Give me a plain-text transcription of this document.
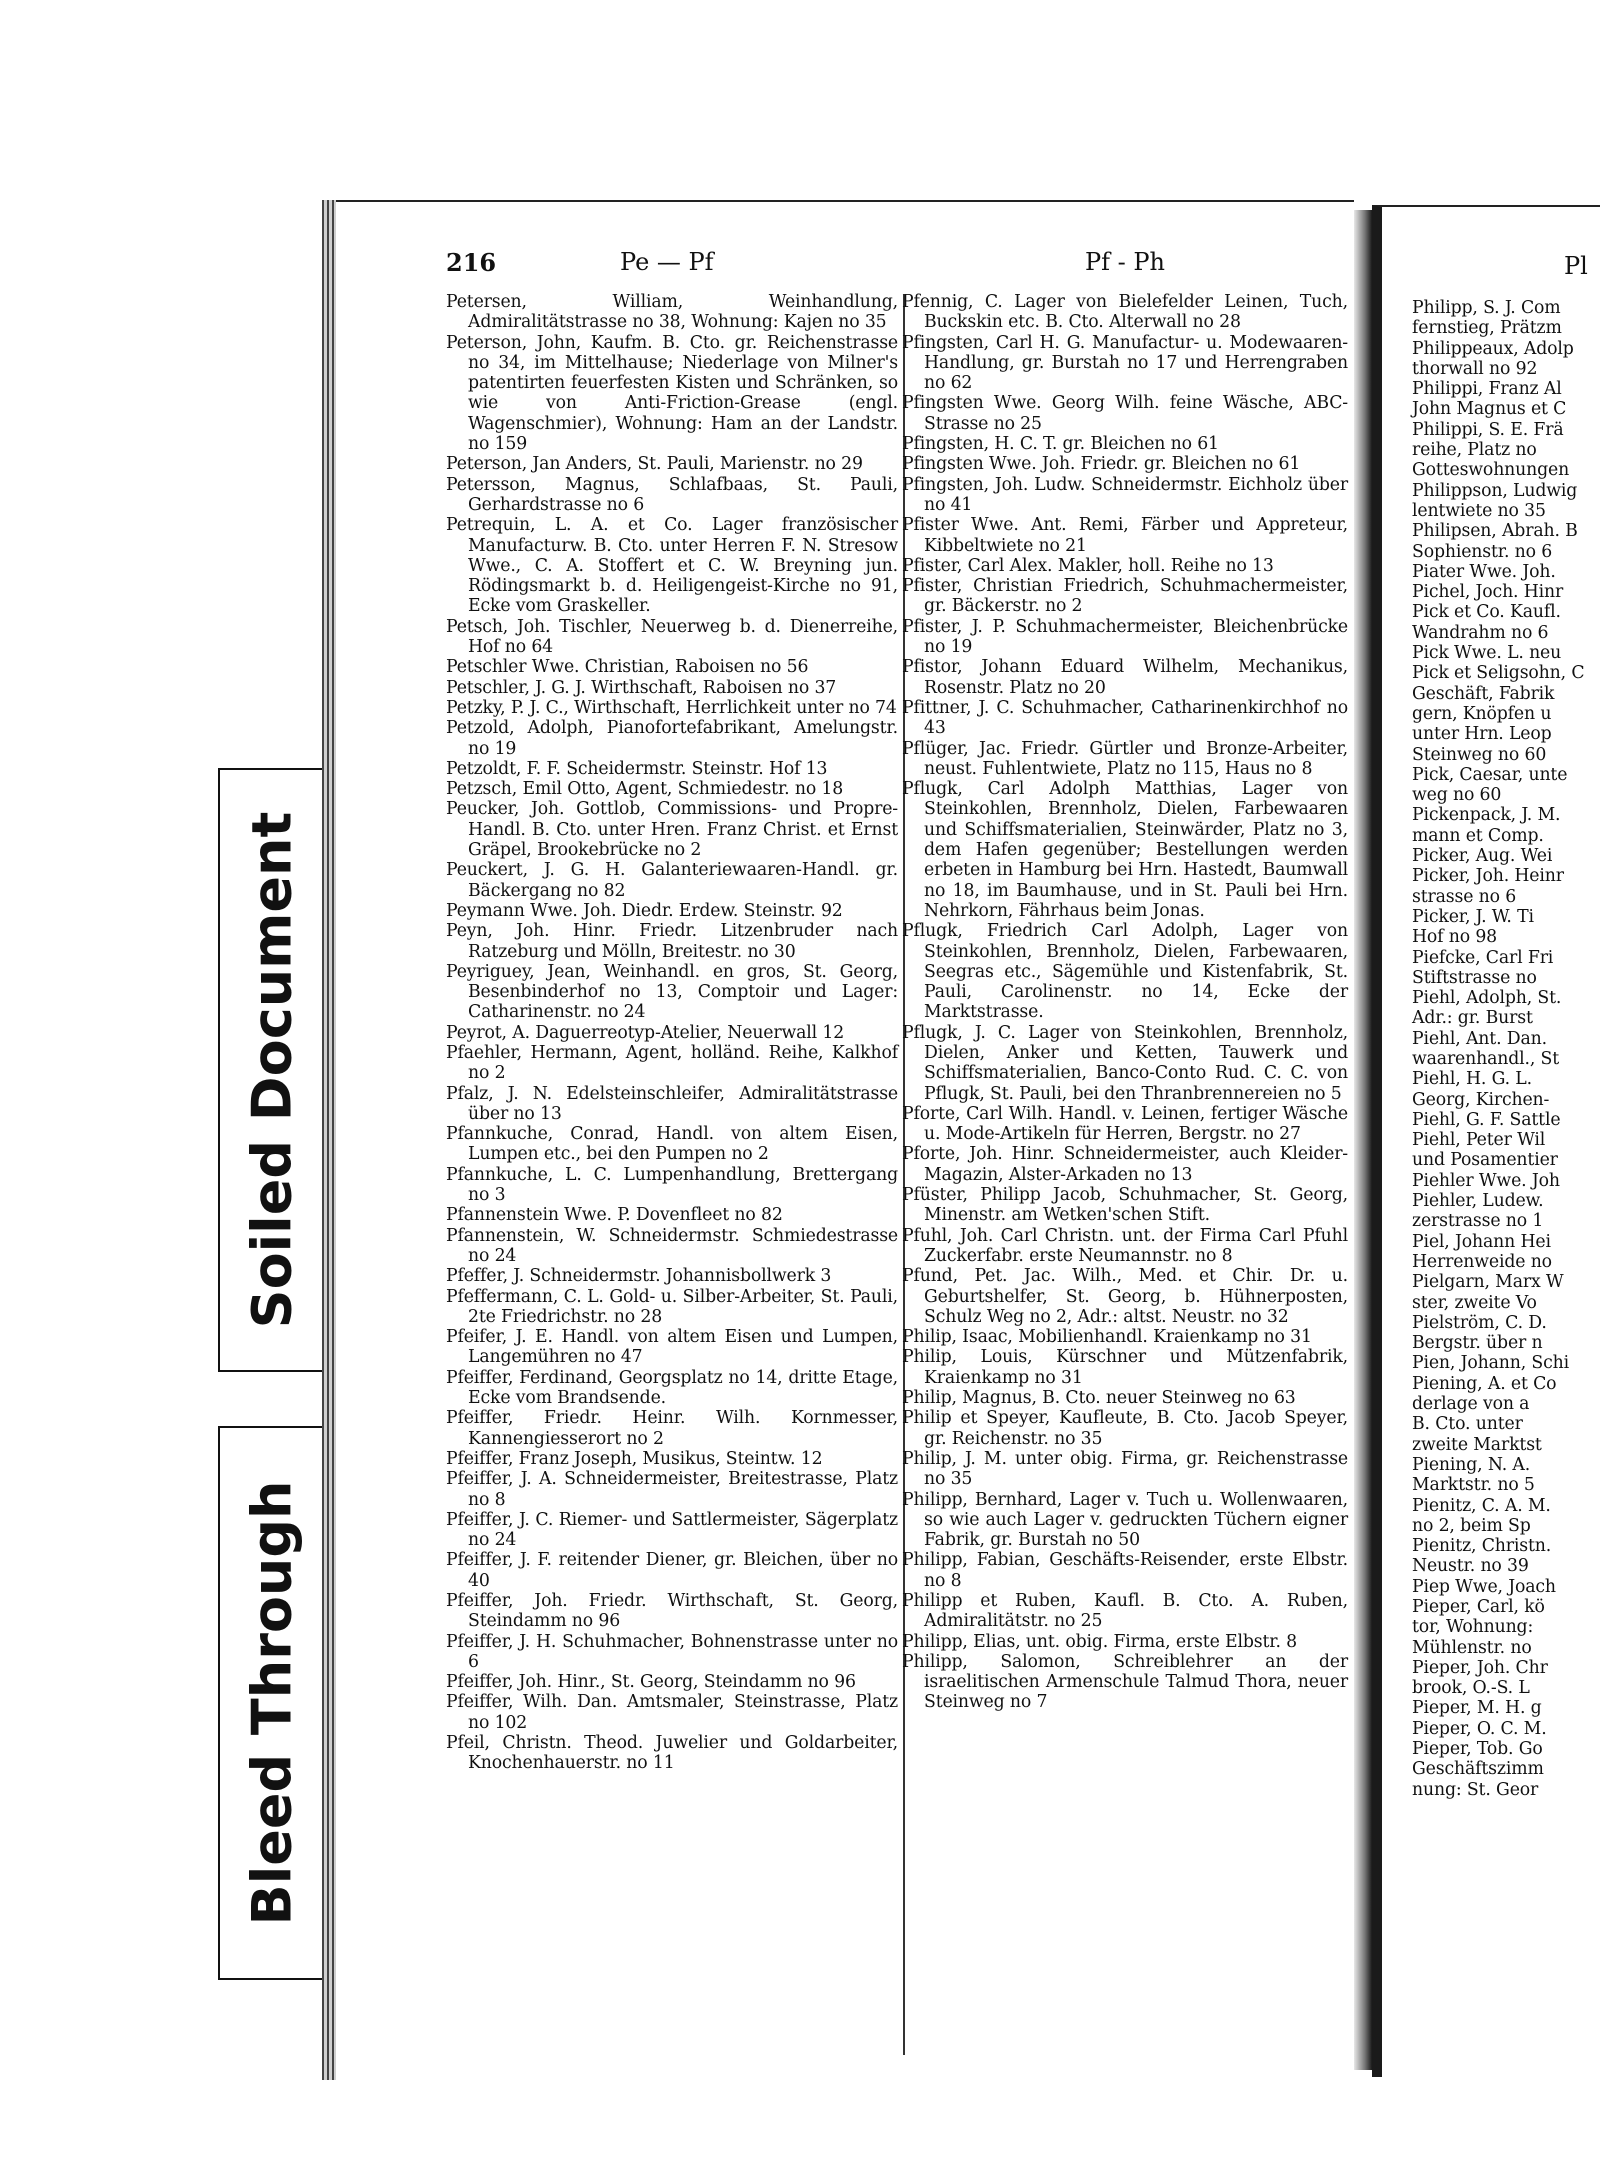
Soiled Document
Bleed Through
216	Pe — Pf	Pf - Ph	Pl

Petersen, William, Weinhandlung, Admiralitätstrasse no 38, Wohnung: Kajen no 35

Peterson, John, Kaufm. B. Cto. gr. Reichenstrasse no 34, im Mittelhause; Niederlage von Milner's patentirten feuerfesten Kisten und Schränken, so wie von Anti-Friction-Grease (engl. Wagenschmier), Wohnung: Ham an der Landstr. no 159

Peterson, Jan Anders, St. Pauli, Marienstr. no 29

Petersson, Magnus, Schlafbaas, St. Pauli, Gerhardstrasse no 6

Petrequin, L. A. et Co. Lager französischer Manufacturw. B. Cto. unter Herren F. N. Stresow Wwe., C. A. Stoffert et C. W. Breyning jun. Rödingsmarkt b. d. Heiligengeist-Kirche no 91, Ecke vom Graskeller.

Petsch, Joh. Tischler, Neuerweg b. d. Dienerreihe, Hof no 64

Petschler Wwe. Christian, Raboisen no 56

Petschler, J. G. J. Wirthschaft, Raboisen no 37

Petzky, P. J. C., Wirthschaft, Herrlichkeit unter no 74

Petzold, Adolph, Pianofortefabrikant, Amelungstr. no 19

Petzoldt, F. F. Scheidermstr. Steinstr. Hof 13

Petzsch, Emil Otto, Agent, Schmiedestr. no 18

Peucker, Joh. Gottlob, Commissions- und Propre-Handl. B. Cto. unter Hren. Franz Christ. et Ernst Gräpel, Brookebrücke no 2

Peuckert, J. G. H. Galanteriewaaren-Handl. gr. Bäckergang no 82

Peymann Wwe. Joh. Diedr. Erdew. Steinstr. 92

Peyn, Joh. Hinr. Friedr. Litzenbruder nach Ratzeburg und Mölln, Breitestr. no 30

Peyriguey, Jean, Weinhandl. en gros, St. Georg, Besenbinderhof no 13, Comptoir und Lager: Catharinenstr. no 24

Peyrot, A. Daguerreotyp-Atelier, Neuerwall 12

Pfaehler, Hermann, Agent, holländ. Reihe, Kalkhof no 2

Pfalz, J. N. Edelsteinschleifer, Admiralitätstrasse über no 13

Pfannkuche, Conrad, Handl. von altem Eisen, Lumpen etc., bei den Pumpen no 2

Pfannkuche, L. C. Lumpenhandlung, Brettergang no 3

Pfannenstein Wwe. P. Dovenfleet no 82

Pfannenstein, W. Schneidermstr. Schmiedestrasse no 24

Pfeffer, J. Schneidermstr. Johannisbollwerk 3

Pfeffermann, C. L. Gold- u. Silber-Arbeiter, St. Pauli, 2te Friedrichstr. no 28

Pfeifer, J. E. Handl. von altem Eisen und Lumpen, Langemühren no 47

Pfeiffer, Ferdinand, Georgsplatz no 14, dritte Etage, Ecke vom Brandsende.

Pfeiffer, Friedr. Heinr. Wilh. Kornmesser, Kannengiesserort no 2

Pfeiffer, Franz Joseph, Musikus, Steintw. 12

Pfeiffer, J. A. Schneidermeister, Breitestrasse, Platz no 8

Pfeiffer, J. C. Riemer- und Sattlermeister, Sägerplatz no 24

Pfeiffer, J. F. reitender Diener, gr. Bleichen, über no 40

Pfeiffer, Joh. Friedr. Wirthschaft, St. Georg, Steindamm no 96

Pfeiffer, J. H. Schuhmacher, Bohnenstrasse unter no 6

Pfeiffer, Joh. Hinr., St. Georg, Steindamm no 96

Pfeiffer, Wilh. Dan. Amtsmaler, Steinstrasse, Platz no 102

Pfeil, Christn. Theod. Juwelier und Goldarbeiter, Knochenhauerstr. no 11

Pfennig, C. Lager von Bielefelder Leinen, Tuch, Buckskin etc. B. Cto. Alterwall no 28

Pfingsten, Carl H. G. Manufactur- u. Modewaaren-Handlung, gr. Burstah no 17 und Herrengraben no 62

Pfingsten Wwe. Georg Wilh. feine Wäsche, ABC-Strasse no 25

Pfingsten, H. C. T. gr. Bleichen no 61

Pfingsten Wwe. Joh. Friedr. gr. Bleichen no 61

Pfingsten, Joh. Ludw. Schneidermstr. Eichholz über no 41

Pfister Wwe. Ant. Remi, Färber und Appreteur, Kibbeltwiete no 21

Pfister, Carl Alex. Makler, holl. Reihe no 13

Pfister, Christian Friedrich, Schuhmachermeister, gr. Bäckerstr. no 2

Pfister, J. P. Schuhmachermeister, Bleichenbrücke no 19

Pfistor, Johann Eduard Wilhelm, Mechanikus, Rosenstr. Platz no 20

Pfittner, J. C. Schuhmacher, Catharinenkirchhof no 43

Pflüger, Jac. Friedr. Gürtler und Bronze-Arbeiter, neust. Fuhlentwiete, Platz no 115, Haus no 8

Pflugk, Carl Adolph Matthias, Lager von Steinkohlen, Brennholz, Dielen, Farbewaaren und Schiffsmaterialien, Steinwärder, Platz no 3, dem Hafen gegenüber; Bestellungen werden erbeten in Hamburg bei Hrn. Hastedt, Baumwall no 18, im Baumhause, und in St. Pauli bei Hrn. Nehrkorn, Fährhaus beim Jonas.

Pflugk, Friedrich Carl Adolph, Lager von Steinkohlen, Brennholz, Dielen, Farbewaaren, Seegras etc., Sägemühle und Kistenfabrik, St. Pauli, Carolinenstr. no 14, Ecke der Marktstrasse.

Pflugk, J. C. Lager von Steinkohlen, Brennholz, Dielen, Anker und Ketten, Tauwerk und Schiffsmaterialien, Banco-Conto Rud. C. C. von Pflugk, St. Pauli, bei den Thranbrennereien no 5

Pforte, Carl Wilh. Handl. v. Leinen, fertiger Wäsche u. Mode-Artikeln für Herren, Bergstr. no 27

Pforte, Joh. Hinr. Schneidermeister, auch Kleider-Magazin, Alster-Arkaden no 13

Pfüster, Philipp Jacob, Schuhmacher, St. Georg, Minenstr. am Wetken'schen Stift.

Pfuhl, Joh. Carl Christn. unt. der Firma Carl Pfuhl Zuckerfabr. erste Neumannstr. no 8

Pfund, Pet. Jac. Wilh., Med. et Chir. Dr. u. Geburtshelfer, St. Georg, b. Hühnerposten, Schulz Weg no 2, Adr.: altst. Neustr. no 32

Philip, Isaac, Mobilienhandl. Kraienkamp no 31

Philip, Louis, Kürschner und Mützenfabrik, Kraienkamp no 31

Philip, Magnus, B. Cto. neuer Steinweg no 63

Philip et Speyer, Kaufleute, B. Cto. Jacob Speyer, gr. Reichenstr. no 35

Philip, J. M. unter obig. Firma, gr. Reichenstrasse no 35

Philipp, Bernhard, Lager v. Tuch u. Wollenwaaren, so wie auch Lager v. gedruckten Tüchern eigner Fabrik, gr. Burstah no 50

Philipp, Fabian, Geschäfts-Reisender, erste Elbstr. no 8

Philipp et Ruben, Kaufl. B. Cto. A. Ruben, Admiralitätstr. no 25

Philipp, Elias, unt. obig. Firma, erste Elbstr. 8

Philipp, Salomon, Schreiblehrer an der israelitischen Armenschule Talmud Thora, neuer Steinweg no 7

Philipp, S. J. Com

fernstieg, Prätzm

Philippeaux, Adolp

thorwall no 92

Philippi, Franz Al

John Magnus et C

Philippi, S. E. Frä

reihe, Platz no

Gotteswohnungen

Philippson, Ludwig

lentwiete no 35

Philipsen, Abrah. B

Sophienstr. no 6

Piater Wwe. Joh.

Pichel, Joch. Hinr

Pick et Co. Kaufl.

Wandrahm no 6

Pick Wwe. L. neu

Pick et Seligsohn, C

Geschäft, Fabrik

gern, Knöpfen u

unter Hrn. Leop

Steinweg no 60

Pick, Caesar, unte

weg no 60

Pickenpack, J. M.

mann et Comp.

Picker, Aug. Wei

Picker, Joh. Heinr

strasse no 6

Picker, J. W. Ti

Hof no 98

Piefcke, Carl Fri

Stiftstrasse no

Piehl, Adolph, St.

Adr.: gr. Burst

Piehl, Ant. Dan.

waarenhandl., St

Piehl, H. G. L.

Georg, Kirchen-

Piehl, G. F. Sattle

Piehl, Peter Wil

und Posamentier

Piehler Wwe. Joh

Piehler, Ludew.

zerstrasse no 1

Piel, Johann Hei

Herrenweide no

Pielgarn, Marx W

ster, zweite Vo

Pielström, C. D.

Bergstr. über n

Pien, Johann, Schi

Piening, A. et Co

derlage von a

B. Cto. unter

zweite Marktst

Piening, N. A.

Marktstr. no 5

Pienitz, C. A. M.

no 2, beim Sp

Pienitz, Christn.

Neustr. no 39

Piep Wwe, Joach

Pieper, Carl, kö

tor, Wohnung:

Mühlenstr. no

Pieper, Joh. Chr

brook, O.-S. L

Pieper, M. H. g

Pieper, O. C. M.

Pieper, Tob. Go

Geschäftszimm

nung: St. Geor
